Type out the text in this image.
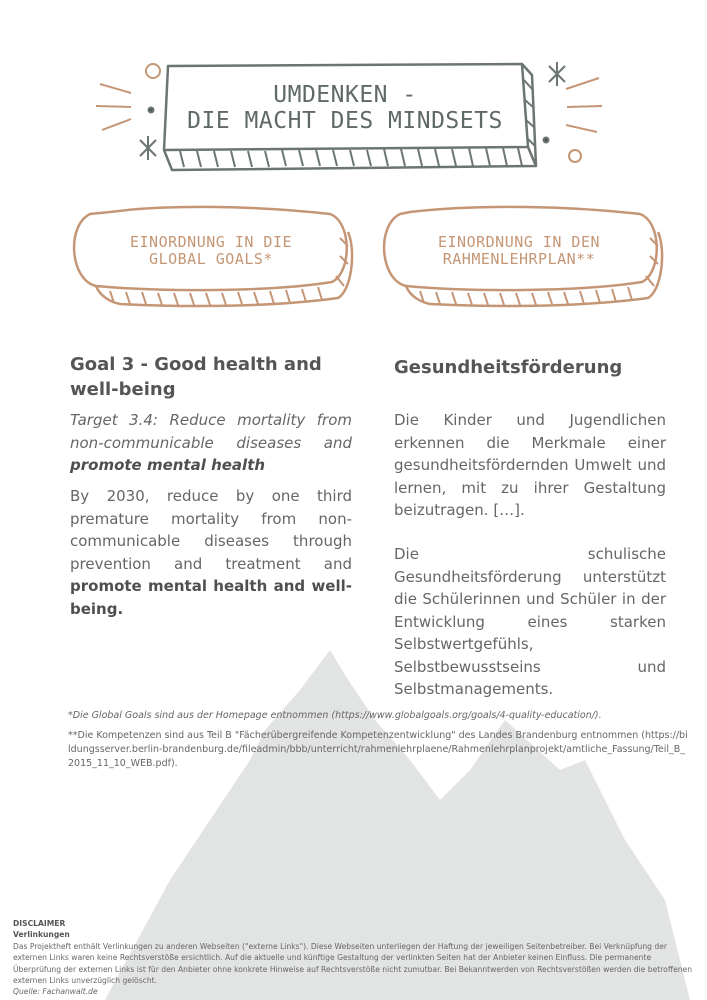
UMDENKEN -
DIE MACHT DES MINDSETS
EINORDNUNG IN DIE
GLOBAL GOALS*
EINORDNUNG IN DEN
RAHMENLEHRPLAN**
Goal 3 - Good health and well-being
Target 3.4: Reduce mortality from non-communicable diseases and promote mental health
By 2030, reduce by one third premature mortality from non-communicable diseases through prevention and treatment and promote mental health and well-being.
Gesundheitsförderung
Die Kinder und Jugendlichen erkennen die Merkmale einer gesundheitsfördernden Umwelt und lernen, mit zu ihrer Gestaltung beizutragen. […].
Die schulische Gesundheitsförderung unterstützt die Schülerinnen und Schüler in der Entwicklung eines starken Selbstwertgefühls, Selbstbewusstseins und Selbstmanagements.
*Die Global Goals sind aus der Homepage entnommen (https://www.globalgoals.org/goals/4-quality-education/).
**Die Kompetenzen sind aus Teil B "Fächerübergreifende Kompetenzentwicklung" des Landes Brandenburg entnommen (https://bildungsserver.berlin-brandenburg.de/fileadmin/bbb/unterricht/rahmenlehrplaene/Rahmenlehrplanprojekt/amtliche_Fassung/Teil_B_2015_11_10_WEB.pdf).
DISCLAIMER
Verlinkungen
Das Projektheft enthält Verlinkungen zu anderen Webseiten ("externe Links"). Diese Webseiten unterliegen der Haftung der jeweiligen Seitenbetreiber. Bei Verknüpfung der externen Links waren keine Rechtsverstöße ersichtlich. Auf die aktuelle und künftige Gestaltung der verlinkten Seiten hat der Anbieter keinen Einfluss. Die permanente Überprüfung der externen Links ist für den Anbieter ohne konkrete Hinweise auf Rechtsverstöße nicht zumutbar. Bei Bekanntwerden von Rechtsverstößen werden die betroffenen externen Links unverzüglich gelöscht.
Quelle: Fachanwalt.de
